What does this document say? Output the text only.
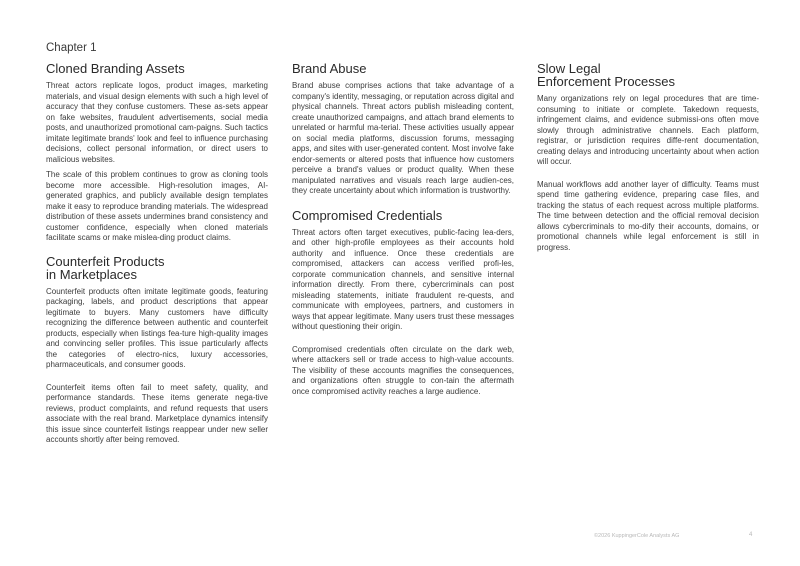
Chapter 1
Cloned Branding Assets

Threat actors replicate logos, product images, marketing materials, and visual design elements with such a high level of accuracy that they confuse customers. These as-sets appear on fake websites, fraudulent advertisements, social media posts, and unauthorized promotional cam-paigns. Such tactics imitate legitimate brands' look and feel to influence purchasing decisions, collect personal information, or direct users to malicious websites.

The scale of this problem continues to grow as cloning tools become more accessible. High-resolution images, AI-generated graphics, and publicly available design templates make it easy to reproduce branding materials. The widespread distribution of these assets undermines brand consistency and customer confidence, especially when cloned materials facilitate scams or make mislea-ding product claims.

Counterfeit Products
in Marketplaces

Counterfeit products often imitate legitimate goods, featuring packaging, labels, and product descriptions that appear legitimate to buyers. Many customers have difficulty recognizing the difference between authentic and counterfeit products, especially when listings fea-ture high-quality images and convincing seller profiles. This issue particularly affects the categories of electro-nics, luxury accessories, pharmaceuticals, and consumer goods.

Counterfeit items often fail to meet safety, quality, and performance standards. These items generate nega-tive reviews, product complaints, and refund requests that users associate with the real brand. Marketplace dynamics intensify this issue since counterfeit listings reappear under new seller accounts shortly after being removed.

Brand Abuse

Brand abuse comprises actions that take advantage of a company's identity, messaging, or reputation across digital and physical channels. Threat actors publish misleading content, create unauthorized campaigns, and attach brand elements to unrelated or harmful ma-terial. These activities usually appear on social media platforms, discussion forums, messaging apps, and sites with user-generated content. Most involve fake endor-sements or altered posts that influence how customers perceive a brand's values or product quality. When these manipulated narratives and visuals reach large audien-ces, they create uncertainty about which information is trustworthy.

Compromised Credentials

Threat actors often target executives, public-facing lea-ders, and other high-profile employees as their accounts hold authority and influence. Once these credentials are compromised, attackers can access verified profi-les, corporate communication channels, and sensitive internal information directly. From there, cybercriminals can post misleading statements, initiate fraudulent re-quests, and communicate with employees, partners, and customers in ways that appear legitimate. Many users trust these messages without questioning their origin.

Compromised credentials often circulate on the dark web, where attackers sell or trade access to high-value accounts. The visibility of these accounts magnifies the consequences, and organizations often struggle to con-tain the aftermath once compromised activity reaches a large audience.

Slow Legal
Enforcement Processes

Many organizations rely on legal procedures that are time-consuming to initiate or complete. Takedown requests, infringement claims, and evidence submissi-ons often move slowly through administrative channels. Each platform, registrar, or jurisdiction requires diffe-rent documentation, creating delays and introducing uncertainty about when action will occur.

Manual workflows add another layer of difficulty. Teams must spend time gathering evidence, preparing case files, and tracking the status of each request across multiple platforms. The time between detection and the official removal decision allows cybercriminals to mo-dify their accounts, domains, or promotional channels while legal enforcement is still in progress.

©2026 KuppingerCole Analysts AG	4
